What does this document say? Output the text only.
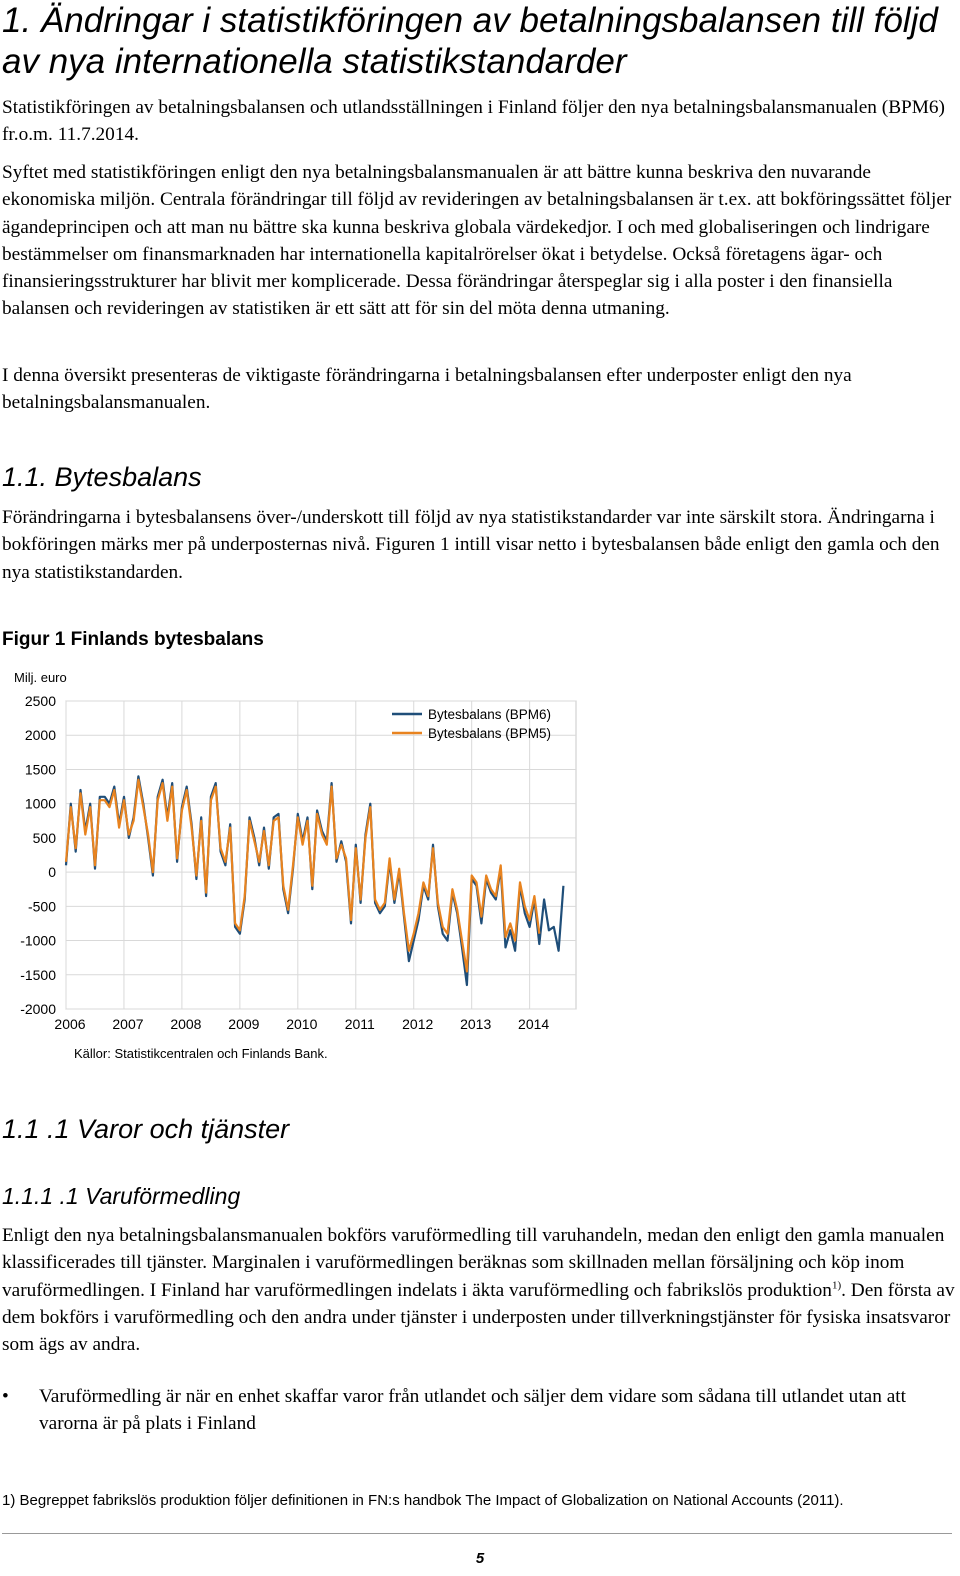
1. Ändringar i statistikföringen av betalningsbalansen till följd av nya internationella statistikstandarder

Statistikföringen av betalningsbalansen och utlandsställningen i Finland följer den nya betalningsbalansmanualen (BPM6) fr.o.m. 11.7.2014.

Syftet med statistikföringen enligt den nya betalningsbalansmanualen är att bättre kunna beskriva den nuvarande ekonomiska miljön. Centrala förändringar till följd av revideringen av betalningsbalansen är t.ex. att bokföringssättet följer ägandeprincipen och att man nu bättre ska kunna beskriva globala värdekedjor. I och med globaliseringen och lindrigare bestämmelser om finansmarknaden har internationella kapitalrörelser ökat i betydelse. Också företagens ägar- och finansieringsstrukturer har blivit mer komplicerade. Dessa förändringar återspeglar sig i alla poster i den finansiella balansen och revideringen av statistiken är ett sätt att för sin del möta denna utmaning.

I denna översikt presenteras de viktigaste förändringarna i betalningsbalansen efter underposter enligt den nya betalningsbalansmanualen.

1.1. Bytesbalans

Förändringarna i bytesbalansens över-/underskott till följd av nya statistikstandarder var inte särskilt stora. Ändringarna i bokföringen märks mer på underposternas nivå. Figuren 1 intill visar netto i bytesbalansen både enligt den gamla och den nya statistikstandarden.

Figur 1 Finlands bytesbalans
Milj. euro
2500
2000
1500
1000
500
0
-500
-1000
-1500
-2000
2006 2007 2008 2009 2010 2011 2012 2013 2014
Bytesbalans (BPM6)
Bytesbalans (BPM5)
Källor: Statistikcentralen och Finlands Bank.
1.1 .1 Varor och tjänster
1.1.1 .1 Varuförmedling

Enligt den nya betalningsbalansmanualen bokförs varuförmedling till varuhandeln, medan den enligt den gamla manualen klassificerades till tjänster. Marginalen i varuförmedlingen beräknas som skillnaden mellan försäljning och köp inom varuförmedlingen. I Finland har varuförmedlingen indelats i äkta varuförmedling och fabrikslös produktion$^{1)}$. Den första av dem bokförs i varuförmedling och den andra under tjänster i underposten under tillverkningstjänster för fysiska insatsvaror som ägs av andra.

•	Varuförmedling är när en enhet skaffar varor från utlandet och säljer dem vidare som sådana till utlandet utan att varorna är på plats i Finland
1) Begreppet fabrikslös produktion följer definitionen in FN:s handbok The Impact of Globalization on National Accounts (2011).
5
